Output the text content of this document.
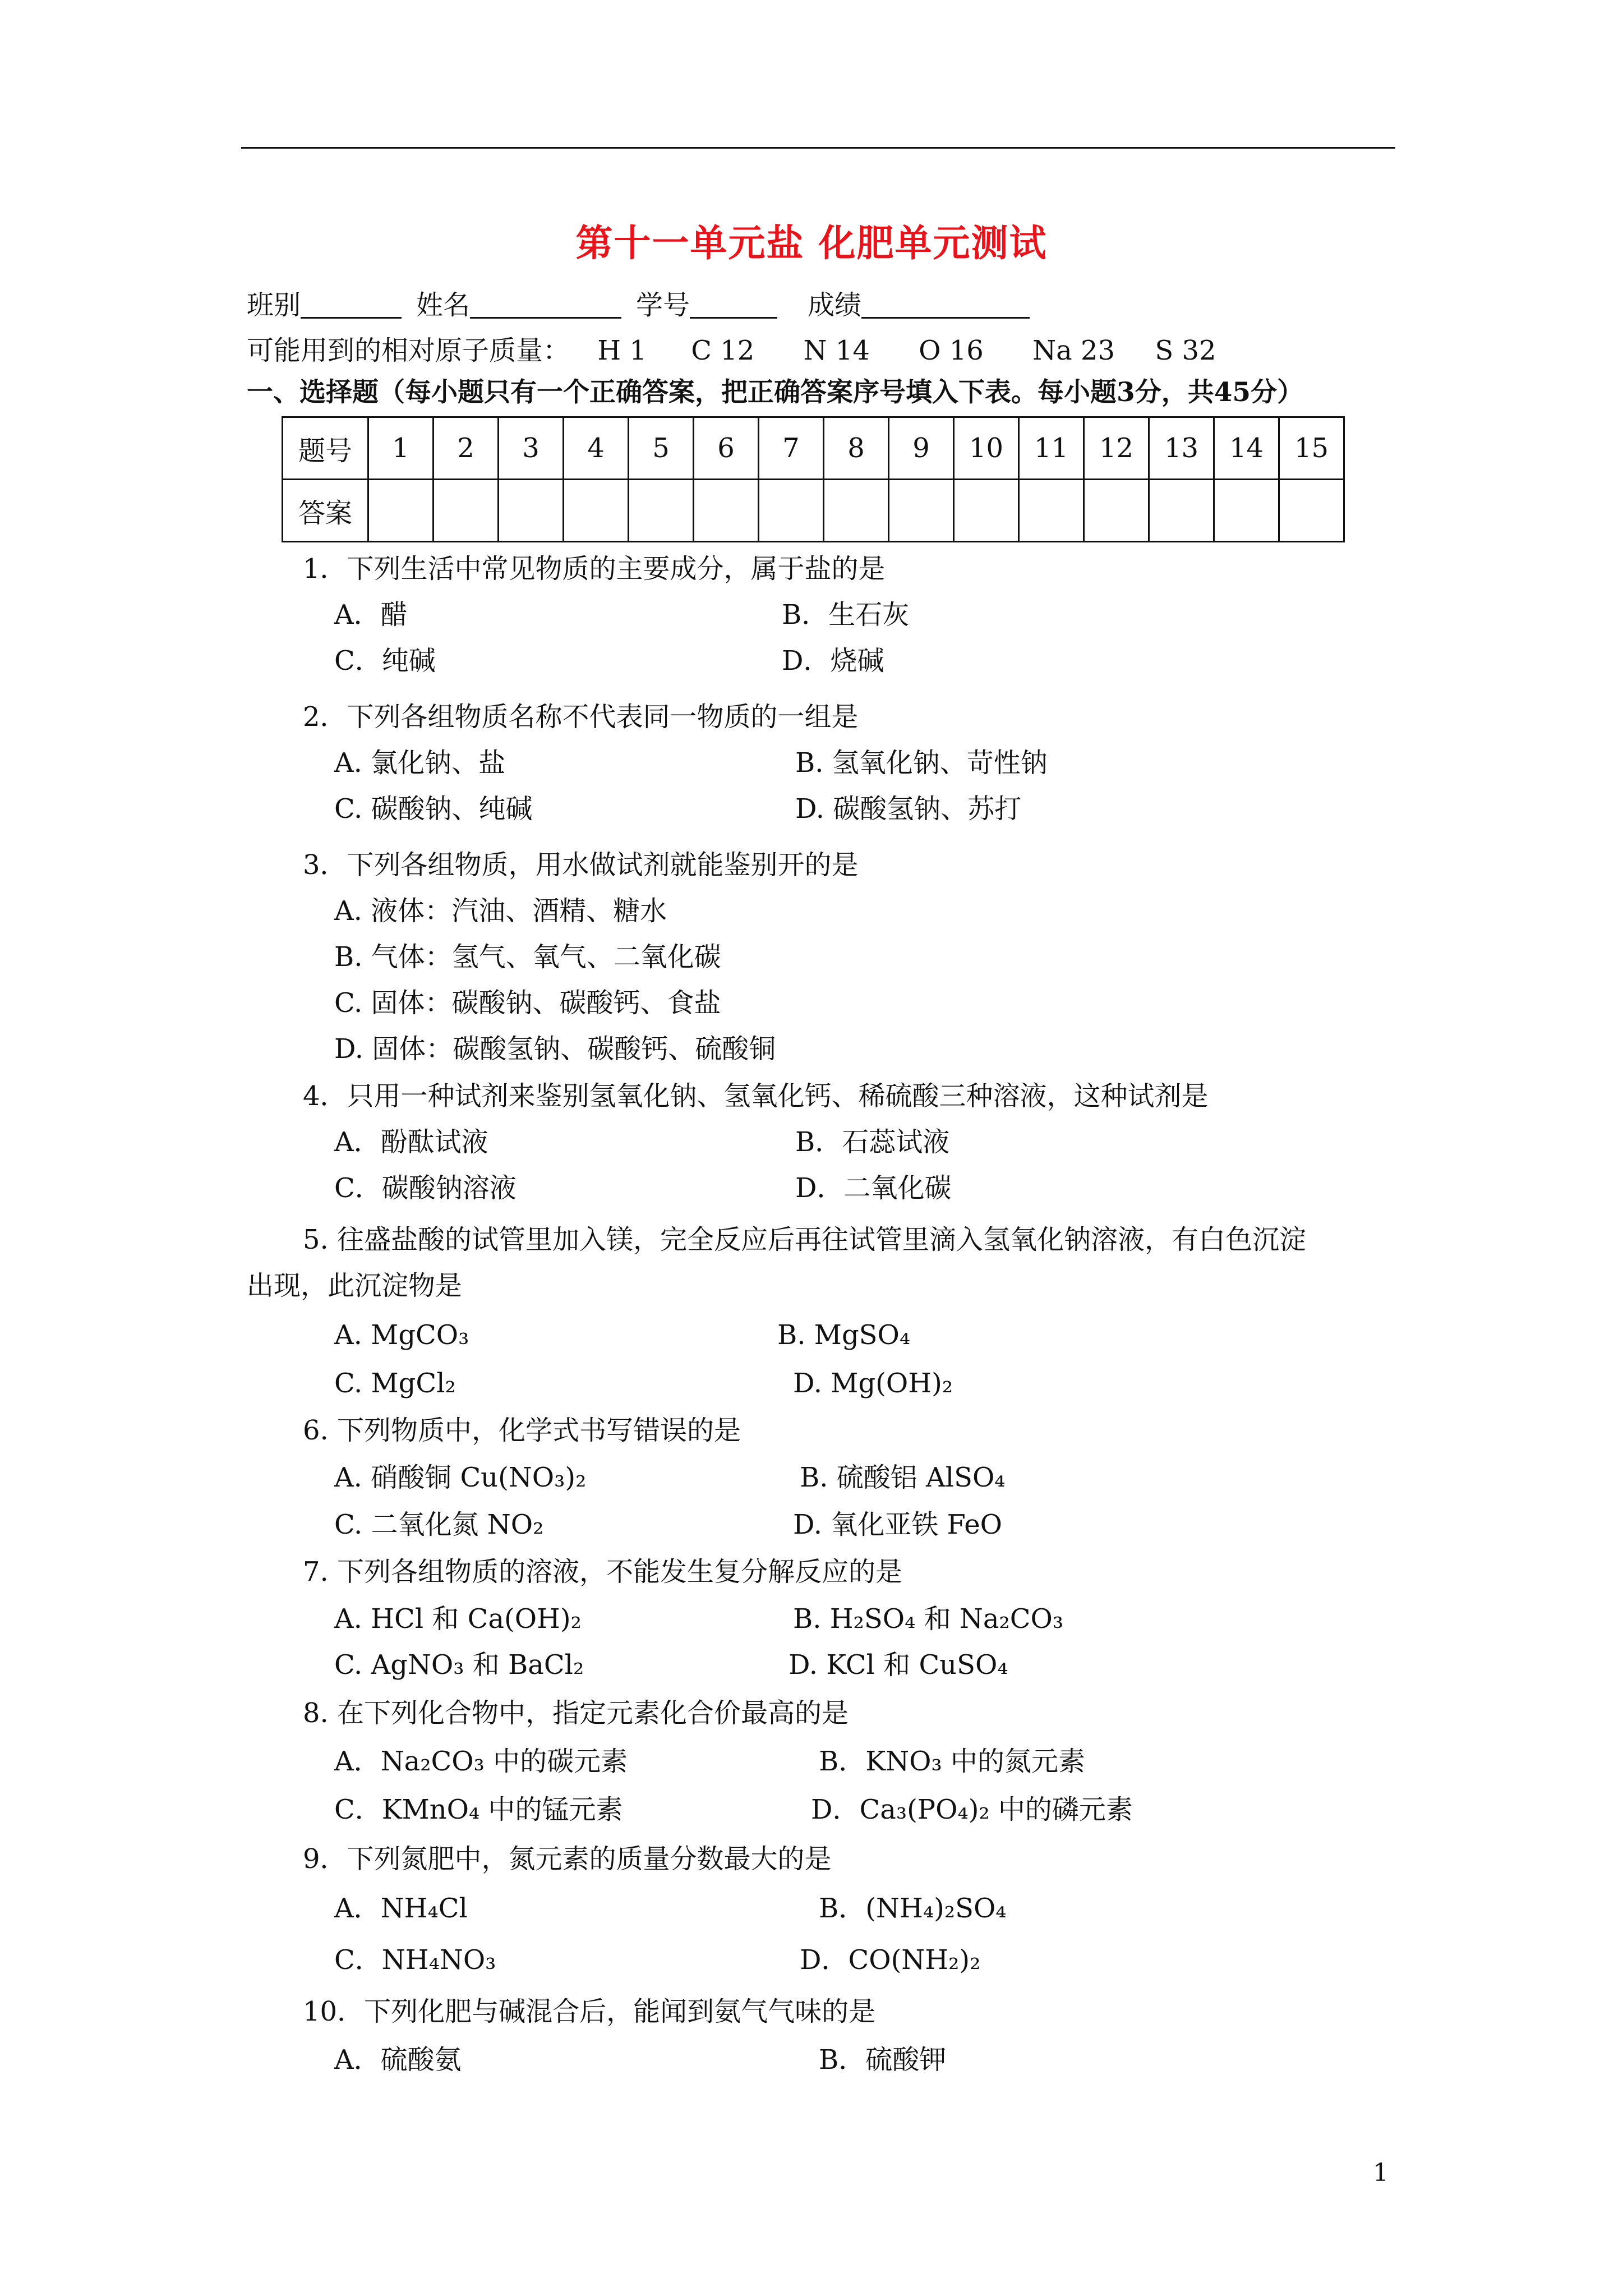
第十一单元盐 化肥单元测试
班别	姓名	学号	成绩
可能用到的相对原子质量： H 1 C 12 N 14 O 16 Na 23 S 32
一、选择题（每小题只有一个正确答案，把正确答案序号填入下表。每小题3分，共45分）
题号	1	2	3	4	5	6	7	8	9	10	11	12	13	14	15
答案															
1．下列生活中常见物质的主要成分，属于盐的是
A．醋	B．生石灰
C．纯碱	D．烧碱
2．下列各组物质名称不代表同一物质的一组是
A. 氯化钠、盐	B. 氢氧化钠、苛性钠
C. 碳酸钠、纯碱	D. 碳酸氢钠、苏打
3．下列各组物质，用水做试剂就能鉴别开的是
A. 液体：汽油、酒精、糖水
B. 气体：氢气、氧气、二氧化碳
C. 固体：碳酸钠、碳酸钙、食盐
D. 固体：碳酸氢钠、碳酸钙、硫酸铜
4．只用一种试剂来鉴别氢氧化钠、氢氧化钙、稀硫酸三种溶液，这种试剂是
A．酚酞试液	B．石蕊试液
C．碳酸钠溶液	D．二氧化碳
5. 往盛盐酸的试管里加入镁，完全反应后再往试管里滴入氢氧化钠溶液，有白色沉淀
出现，此沉淀物是
A. MgCO₃	B. MgSO₄
C. MgCl₂	D. Mg(OH)₂
6. 下列物质中，化学式书写错误的是
A. 硝酸铜 Cu(NO₃)₂	B. 硫酸铝 AlSO₄
C. 二氧化氮 NO₂	D. 氧化亚铁 FeO
7. 下列各组物质的溶液，不能发生复分解反应的是
A. HCl 和 Ca(OH)₂	B. H₂SO₄ 和 Na₂CO₃
C. AgNO₃ 和 BaCl₂	D. KCl 和 CuSO₄
8. 在下列化合物中，指定元素化合价最高的是
A．Na₂CO₃ 中的碳元素	B．KNO₃ 中的氮元素
C．KMnO₄ 中的锰元素	D．Ca₃(PO₄)₂ 中的磷元素
9．下列氮肥中，氮元素的质量分数最大的是
A．NH₄Cl	B．(NH₄)₂SO₄
C．NH₄NO₃	D．CO(NH₂)₂
10．下列化肥与碱混合后，能闻到氨气气味的是
A．硫酸氨	B．硫酸钾
1
